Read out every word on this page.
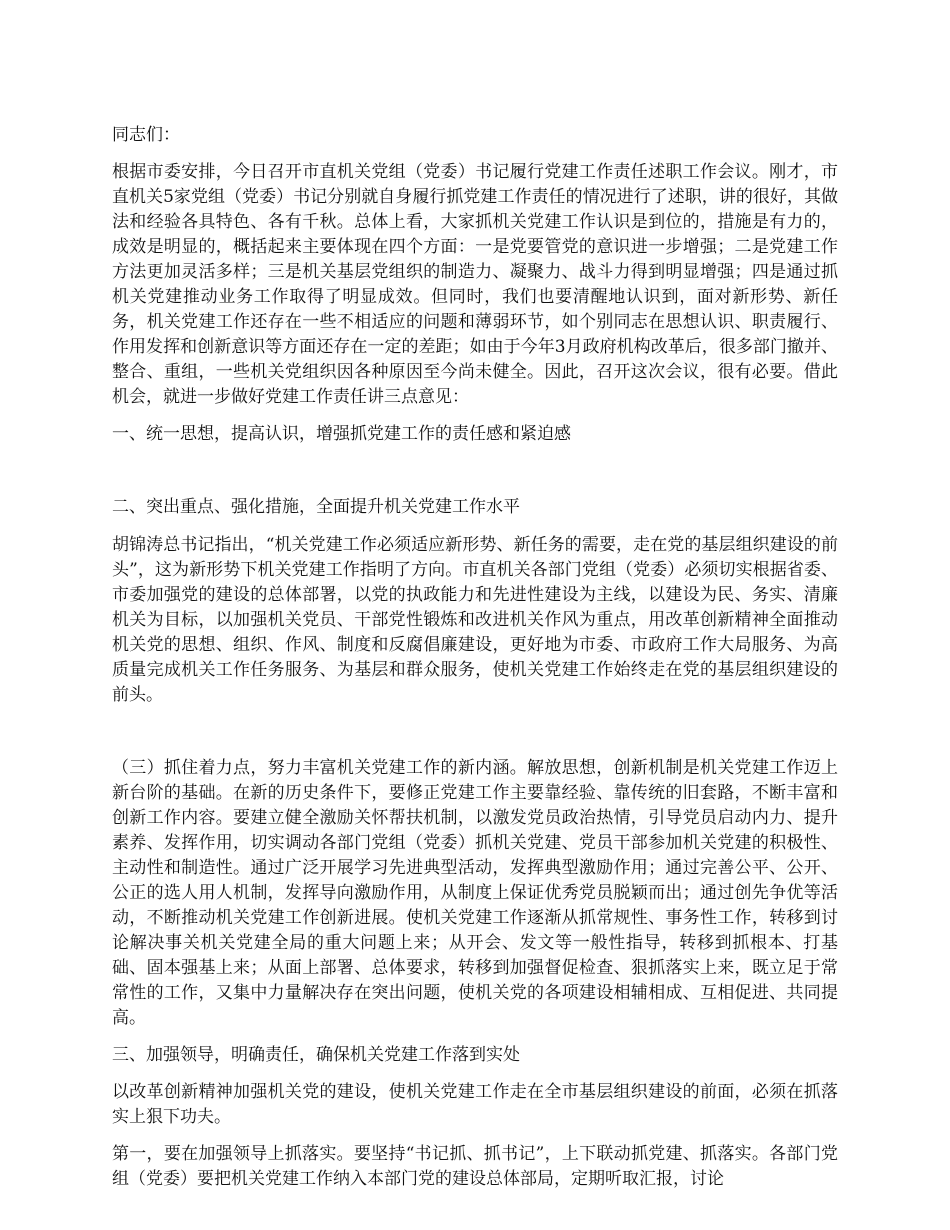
同志们：

根据市委安排，今日召开市直机关党组（党委）书记履行党建工作责任述职工作会议。刚才，市直机关5家党组（党委）书记分别就自身履行抓党建工作责任的情况进行了述职，讲的很好，其做法和经验各具特色、各有千秋。总体上看，大家抓机关党建工作认识是到位的，措施是有力的，成效是明显的，概括起来主要体现在四个方面：一是党要管党的意识进一步增强；二是党建工作方法更加灵活多样；三是机关基层党组织的制造力、凝聚力、战斗力得到明显增强；四是通过抓机关党建推动业务工作取得了明显成效。但同时，我们也要清醒地认识到，面对新形势、新任务，机关党建工作还存在一些不相适应的问题和薄弱环节，如个别同志在思想认识、职责履行、作用发挥和创新意识等方面还存在一定的差距；如由于今年3月政府机构改革后，很多部门撤并、整合、重组，一些机关党组织因各种原因至今尚未健全。因此，召开这次会议，很有必要。借此机会，就进一步做好党建工作责任讲三点意见：

一、统一思想，提高认识，增强抓党建工作的责任感和紧迫感

二、突出重点、强化措施，全面提升机关党建工作水平

胡锦涛总书记指出，“机关党建工作必须适应新形势、新任务的需要，走在党的基层组织建设的前头”，这为新形势下机关党建工作指明了方向。市直机关各部门党组（党委）必须切实根据省委、市委加强党的建设的总体部署，以党的执政能力和先进性建设为主线，以建设为民、务实、清廉机关为目标，以加强机关党员、干部党性锻炼和改进机关作风为重点，用改革创新精神全面推动机关党的思想、组织、作风、制度和反腐倡廉建设，更好地为市委、市政府工作大局服务、为高质量完成机关工作任务服务、为基层和群众服务，使机关党建工作始终走在党的基层组织建设的前头。

（三）抓住着力点，努力丰富机关党建工作的新内涵。解放思想，创新机制是机关党建工作迈上新台阶的基础。在新的历史条件下，要修正党建工作主要靠经验、靠传统的旧套路，不断丰富和创新工作内容。要建立健全激励关怀帮扶机制，以激发党员政治热情，引导党员启动内力、提升素养、发挥作用，切实调动各部门党组（党委）抓机关党建、党员干部参加机关党建的积极性、主动性和制造性。通过广泛开展学习先进典型活动，发挥典型激励作用；通过完善公平、公开、公正的选人用人机制，发挥导向激励作用，从制度上保证优秀党员脱颖而出；通过创先争优等活动，不断推动机关党建工作创新进展。使机关党建工作逐渐从抓常规性、事务性工作，转移到讨论解决事关机关党建全局的重大问题上来；从开会、发文等一般性指导，转移到抓根本、打基础、固本强基上来；从面上部署、总体要求，转移到加强督促检查、狠抓落实上来，既立足于常常性的工作，又集中力量解决存在突出问题，使机关党的各项建设相辅相成、互相促进、共同提高。

三、加强领导，明确责任，确保机关党建工作落到实处

以改革创新精神加强机关党的建设，使机关党建工作走在全市基层组织建设的前面，必须在抓落实上狠下功夫。

第一，要在加强领导上抓落实。要坚持“书记抓、抓书记”，上下联动抓党建、抓落实。各部门党组（党委）要把机关党建工作纳入本部门党的建设总体部局，定期听取汇报，讨论
